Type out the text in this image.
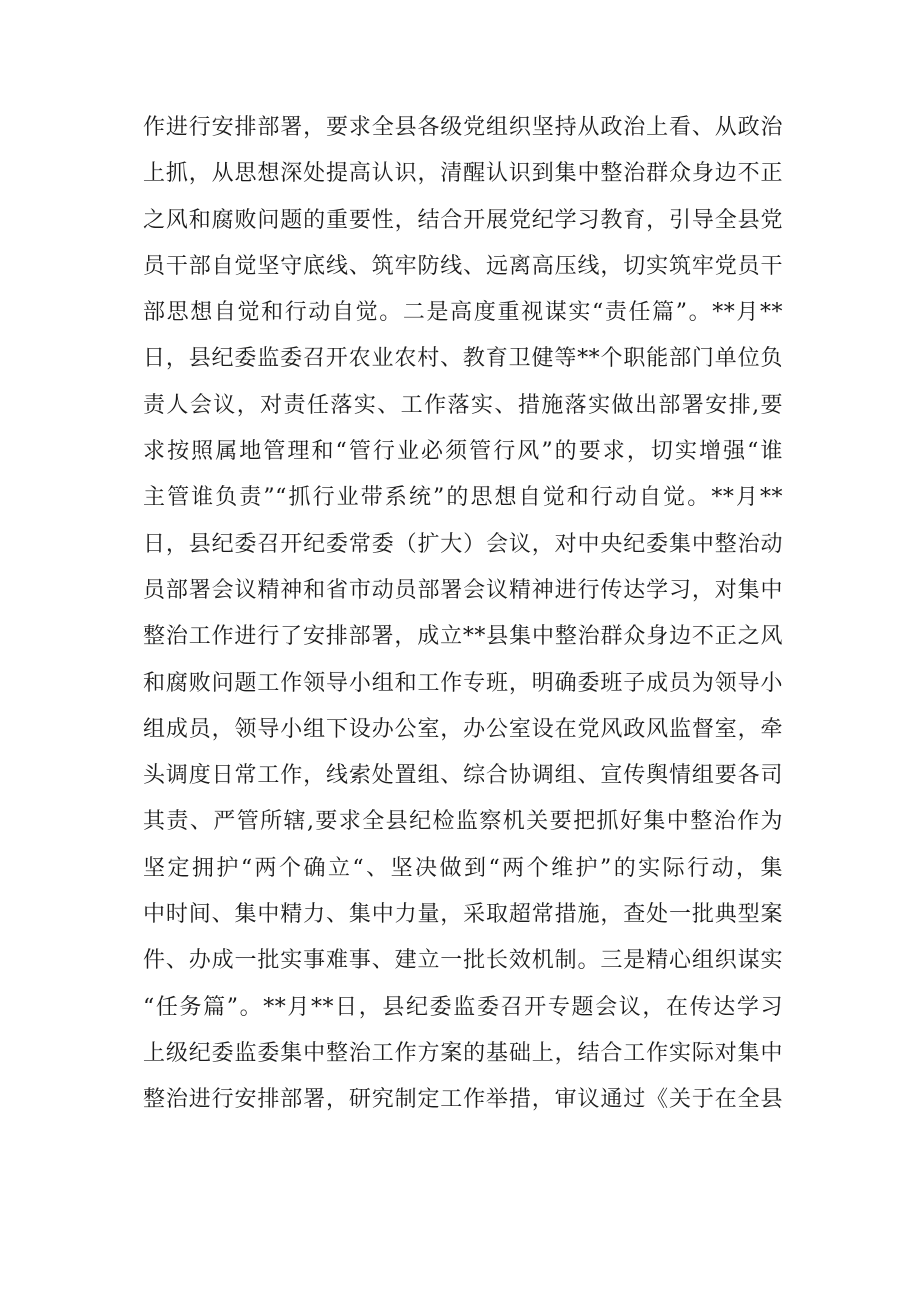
作进行安排部署，要求全县各级党组织坚持从政治上看、从政治
上抓，从思想深处提高认识，清醒认识到集中整治群众身边不正
之风和腐败问题的重要性，结合开展党纪学习教育，引导全县党
员干部自觉坚守底线、筑牢防线、远离高压线，切实筑牢党员干
部思想自觉和行动自觉。二是高度重视谋实“责任篇”。**月**
日，县纪委监委召开农业农村、教育卫健等**个职能部门单位负
责人会议，对责任落实、工作落实、措施落实做出部署安排,要
求按照属地管理和“管行业必须管行风”的要求，切实增强“谁
主管谁负责”“抓行业带系统”的思想自觉和行动自觉。**月**
日，县纪委召开纪委常委（扩大）会议，对中央纪委集中整治动
员部署会议精神和省市动员部署会议精神进行传达学习，对集中
整治工作进行了安排部署，成立**县集中整治群众身边不正之风
和腐败问题工作领导小组和工作专班，明确委班子成员为领导小
组成员，领导小组下设办公室，办公室设在党风政风监督室，牵
头调度日常工作，线索处置组、综合协调组、宣传舆情组要各司
其责、严管所辖,要求全县纪检监察机关要把抓好集中整治作为
坚定拥护“两个确立“、坚决做到“两个维护”的实际行动，集
中时间、集中精力、集中力量，采取超常措施，查处一批典型案
件、办成一批实事难事、建立一批长效机制。三是精心组织谋实
“任务篇”。**月**日，县纪委监委召开专题会议，在传达学习
上级纪委监委集中整治工作方案的基础上，结合工作实际对集中
整治进行安排部署，研究制定工作举措，审议通过《关于在全县
